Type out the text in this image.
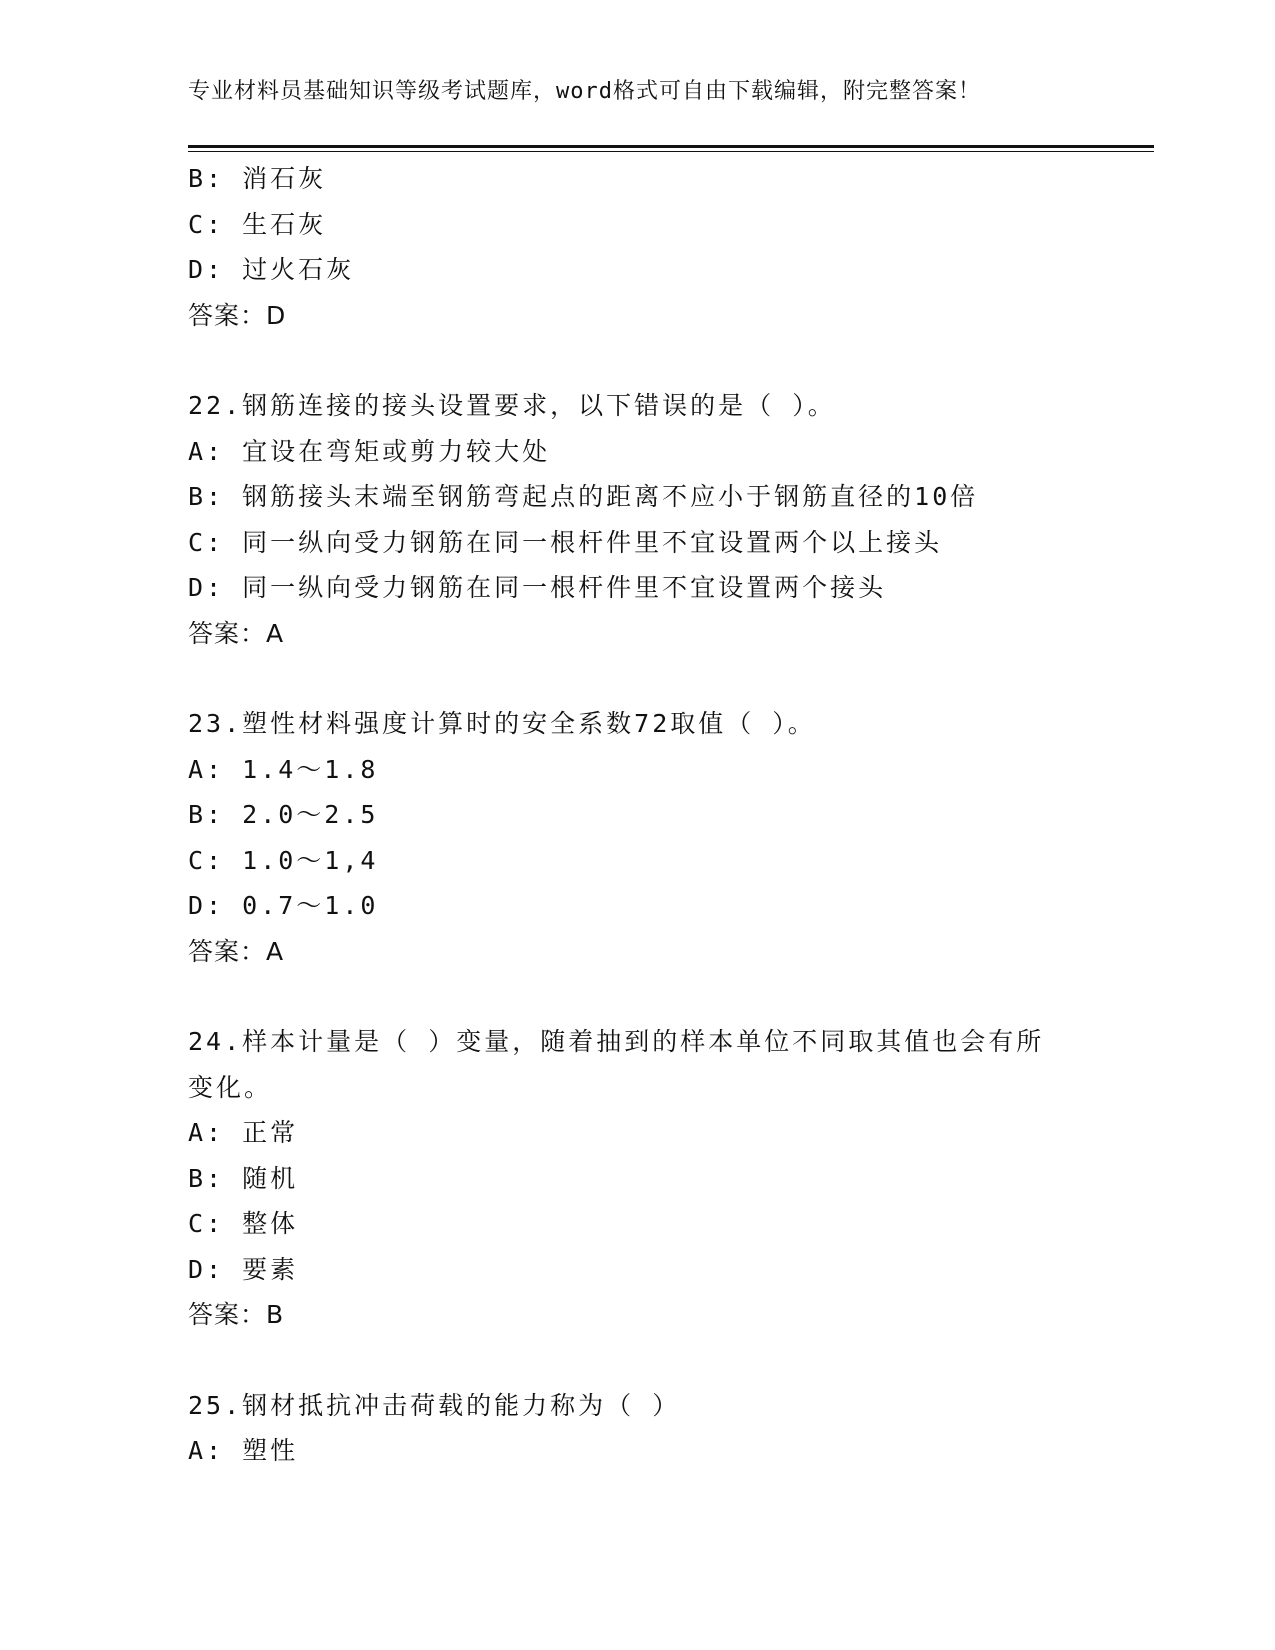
专业材料员基础知识等级考试题库，word格式可自由下载编辑，附完整答案！
B: 消石灰
C: 生石灰
D: 过火石灰
答案：D
22.钢筋连接的接头设置要求，以下错误的是（ ）。
A: 宜设在弯矩或剪力较大处
B: 钢筋接头末端至钢筋弯起点的距离不应小于钢筋直径的10倍
C: 同一纵向受力钢筋在同一根杆件里不宜设置两个以上接头
D: 同一纵向受力钢筋在同一根杆件里不宜设置两个接头
答案：A
23.塑性材料强度计算时的安全系数72取值（ ）。
A: 1.4～1.8
B: 2.0～2.5
C: 1.0～1,4
D: 0.7～1.0
答案：A
24.样本计量是（ ）变量，随着抽到的样本单位不同取其值也会有所
变化。
A: 正常
B: 随机
C: 整体
D: 要素
答案：B
25.钢材抵抗冲击荷载的能力称为（ ）
A: 塑性
